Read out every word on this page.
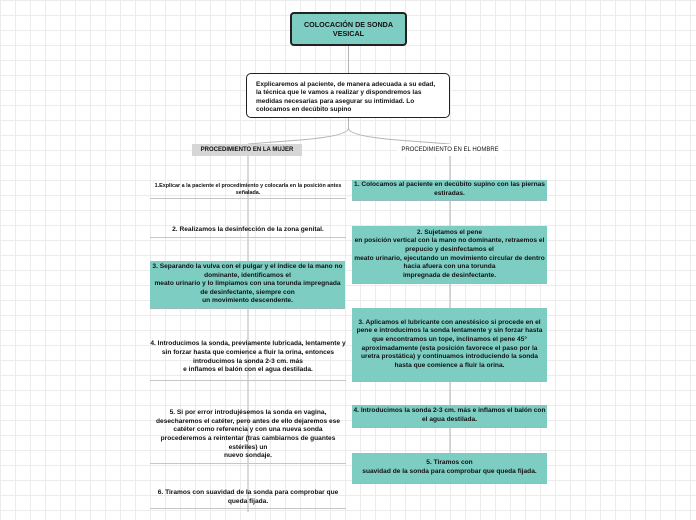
COLOCACIÓN DE SONDA VESICAL
Explicaremos al paciente, de manera adecuada a su edad, la técnica que le vamos a realizar y dispondremos las medidas necesarias para asegurar su intimidad. Lo colocamos en decúbito supino
PROCEDIMIENTO EN LA MUJER	PROCEDIMIENTO EN EL HOMBRE
1.Explicar a la paciente el procedimiento y colocarla en la posición antes señalada.
2. Realizamos la desinfección de la zona genital.
3. Separando la vulva con el pulgar y el índice de la mano no dominante, identificamos el
meato urinario y lo limpiamos con una torunda impregnada de desinfectante, siempre con
un movimiento descendente.
4. Introducimos la sonda, previamente lubricada, lentamente y
sin forzar hasta que comience a fluir la orina, entonces introducimos la sonda 2-3 cm. más
e inflamos el balón con el agua destilada.
5. Si por error introdujésemos la sonda en vagina, desecharemos el catéter, pero antes de ello dejaremos ese catéter como referencia y con una nueva sonda procederemos a reintentar (tras cambiarnos de guantes estériles) un
nuevo sondaje.
6. Tiramos con suavidad de la sonda para comprobar que queda fijada.
1. Colocamos al paciente en decúbito supino con las piernas estiradas.
2. Sujetamos el pene
en posición vertical con la mano no dominante, retraemos el prepucio y desinfectamos el
meato urinario, ejecutando un movimiento circular de dentro hacia afuera con una torunda
impregnada de desinfectante.
3. Aplicamos el lubricante con anestésico si procede en el
pene e introducimos la sonda lentamente y sin forzar hasta que encontramos un tope, inclinamos el pene 45° aproximadamente (esta posición favorece el paso por la uretra prostática) y continuamos introduciendo la sonda
hasta que comience a fluir la orina.
4. Introducimos la sonda 2-3 cm. más e inflamos el balón con el agua destilada.
5. Tiramos con
suavidad de la sonda para comprobar que queda fijada.
